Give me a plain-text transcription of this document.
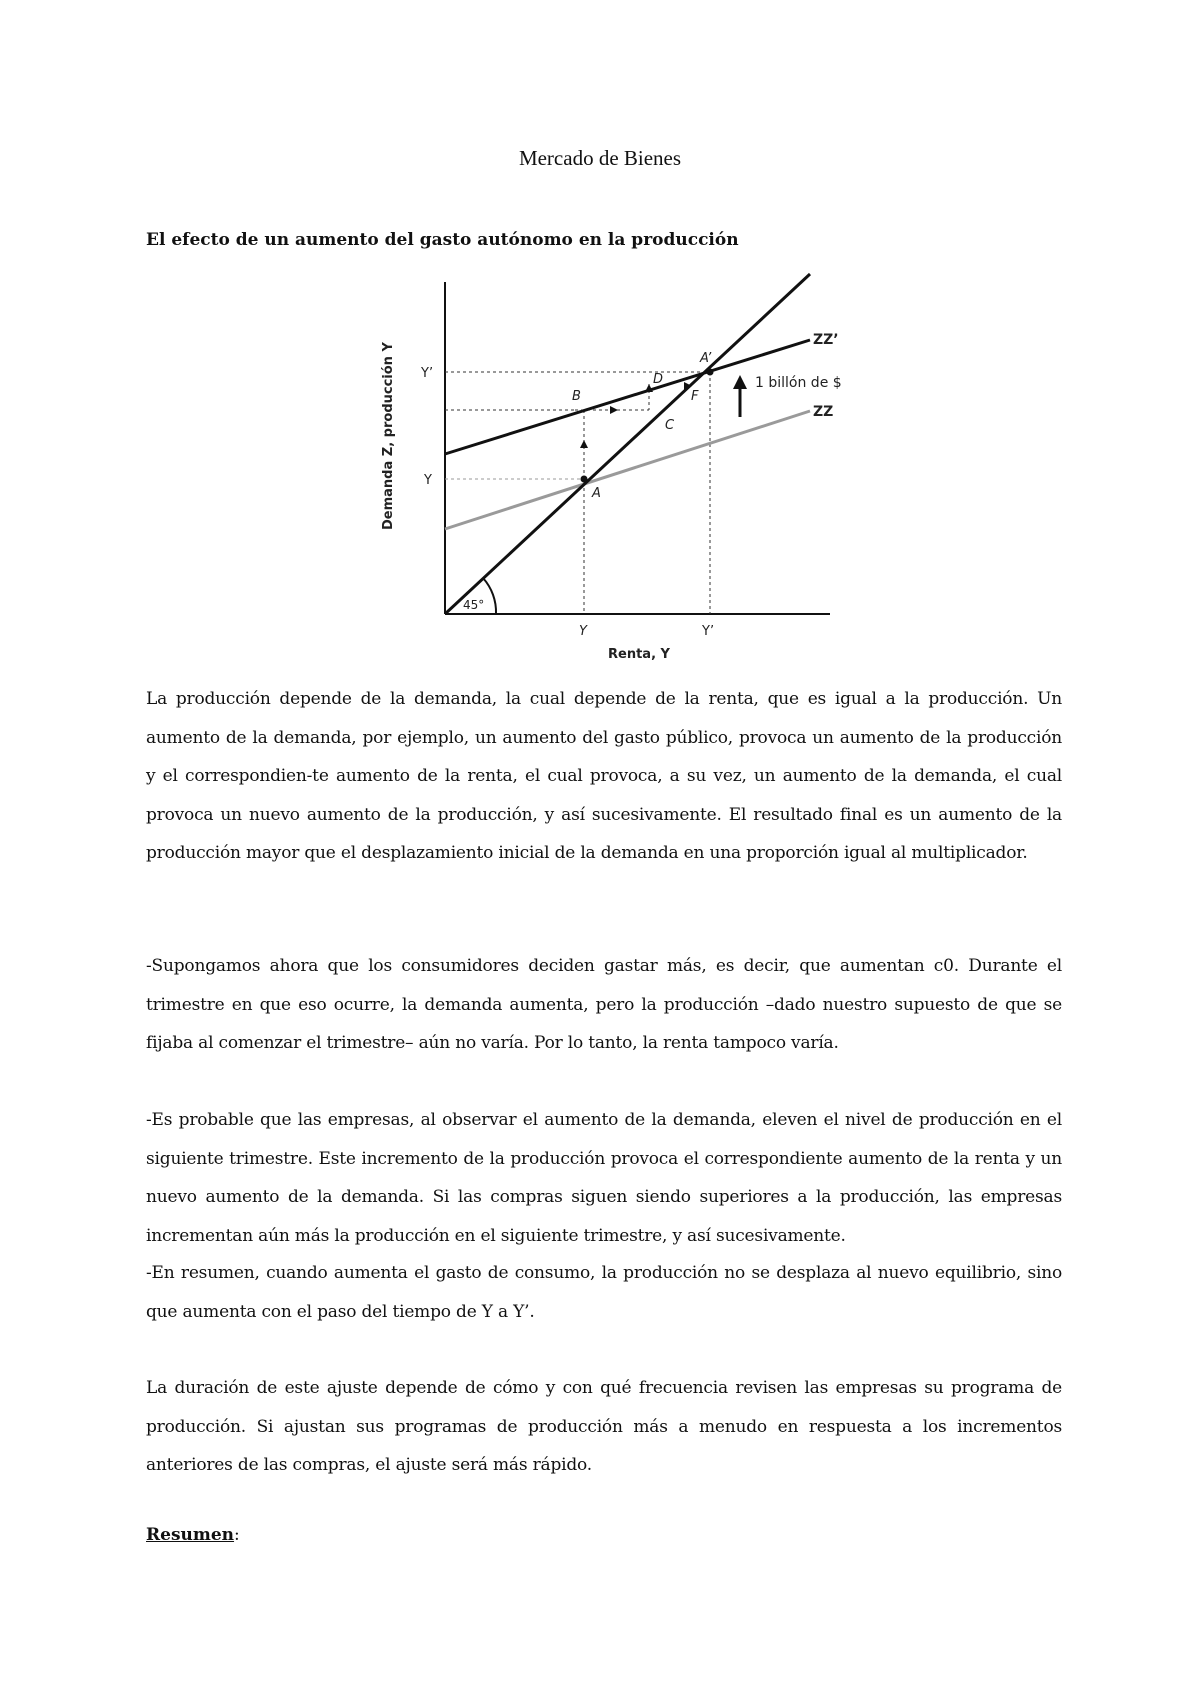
Mercado de Bienes
El efecto de un aumento del gasto autónomo en la producción
45°
1 billón de $
ZZ’
ZZ
A’
B
D
F
C
A
Y’
Y
Y	Y’
Renta, Y
Demanda Z, producción Y

La producción depende de la demanda, la cual depende de la renta, que es igual a la producción. Un aumento de la demanda, por ejemplo, un aumento del gasto público, provoca un aumento de la producción y el correspondien-te aumento de la renta, el cual provoca, a su vez, un aumento de la demanda, el cual provoca un nuevo aumento de la producción, y así sucesivamente. El resultado final es un aumento de la producción mayor que el desplazamiento inicial de la demanda en una proporción igual al multiplicador.

-Supongamos ahora que los consumidores deciden gastar más, es decir, que aumentan c0. Durante el trimestre en que eso ocurre, la demanda aumenta, pero la producción –dado nuestro supuesto de que se fijaba al comenzar el trimestre– aún no varía. Por lo tanto, la renta tampoco varía.

-Es probable que las empresas, al observar el aumento de la demanda, eleven el nivel de producción en el siguiente trimestre. Este incremento de la producción provoca el correspondiente aumento de la renta y un nuevo aumento de la demanda. Si las compras siguen siendo superiores a la producción, las empresas incrementan aún más la producción en el siguiente trimestre, y así sucesivamente.

-En resumen, cuando aumenta el gasto de consumo, la producción no se desplaza al nuevo equilibrio, sino que aumenta con el paso del tiempo de Y a Y’.

La duración de este ajuste depende de cómo y con qué frecuencia revisen las empresas su programa de producción. Si ajustan sus programas de producción más a menudo en respuesta a los incrementos anteriores de las compras, el ajuste será más rápido.

Resumen:
